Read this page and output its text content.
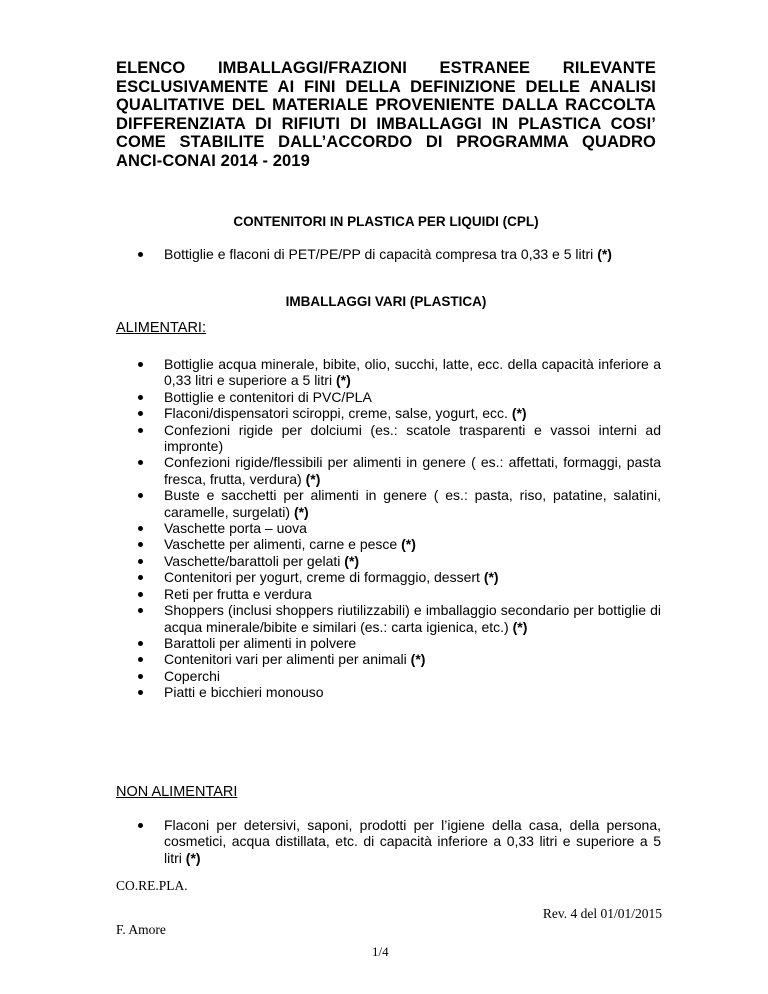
ELENCO IMBALLAGGI/FRAZIONI ESTRANEE RILEVANTE ESCLUSIVAMENTE AI FINI DELLA DEFINIZIONE DELLE ANALISI QUALITATIVE DEL MATERIALE PROVENIENTE DALLA RACCOLTA DIFFERENZIATA DI RIFIUTI DI IMBALLAGGI IN PLASTICA COSI’ COME STABILITE DALL’ACCORDO DI PROGRAMMA QUADRO ANCI-CONAI 2014 - 2019
CONTENITORI IN PLASTICA PER LIQUIDI (CPL)
Bottiglie e flaconi di PET/PE/PP di capacità compresa tra 0,33 e 5 litri (*)
IMBALLAGGI VARI (PLASTICA)
ALIMENTARI:
Bottiglie acqua minerale, bibite, olio, succhi, latte, ecc. della capacità inferiore a 0,33 litri e superiore a 5 litri (*)
Bottiglie e contenitori di PVC/PLA
Flaconi/dispensatori sciroppi, creme, salse, yogurt, ecc. (*)
Confezioni rigide per dolciumi (es.: scatole trasparenti e vassoi interni ad impronte)
Confezioni rigide/flessibili per alimenti in genere ( es.: affettati, formaggi, pasta fresca, frutta, verdura) (*)
Buste e sacchetti per alimenti in genere ( es.: pasta, riso, patatine, salatini, caramelle, surgelati) (*)
Vaschette porta – uova
Vaschette per alimenti, carne e pesce (*)
Vaschette/barattoli per gelati (*)
Contenitori per yogurt, creme di formaggio, dessert (*)
Reti per frutta e verdura
Shoppers (inclusi shoppers riutilizzabili) e imballaggio secondario per bottiglie di acqua minerale/bibite e similari (es.: carta igienica, etc.) (*)
Barattoli per alimenti in polvere
Contenitori vari per alimenti per animali (*)
Coperchi
Piatti e bicchieri monouso
NON ALIMENTARI
Flaconi per detersivi, saponi, prodotti per l’igiene della casa, della persona, cosmetici, acqua distillata, etc. di capacità inferiore a 0,33 litri e superiore a 5 litri (*)
CO.RE.PLA.
Rev. 4 del 01/01/2015
F. Amore
1/4
